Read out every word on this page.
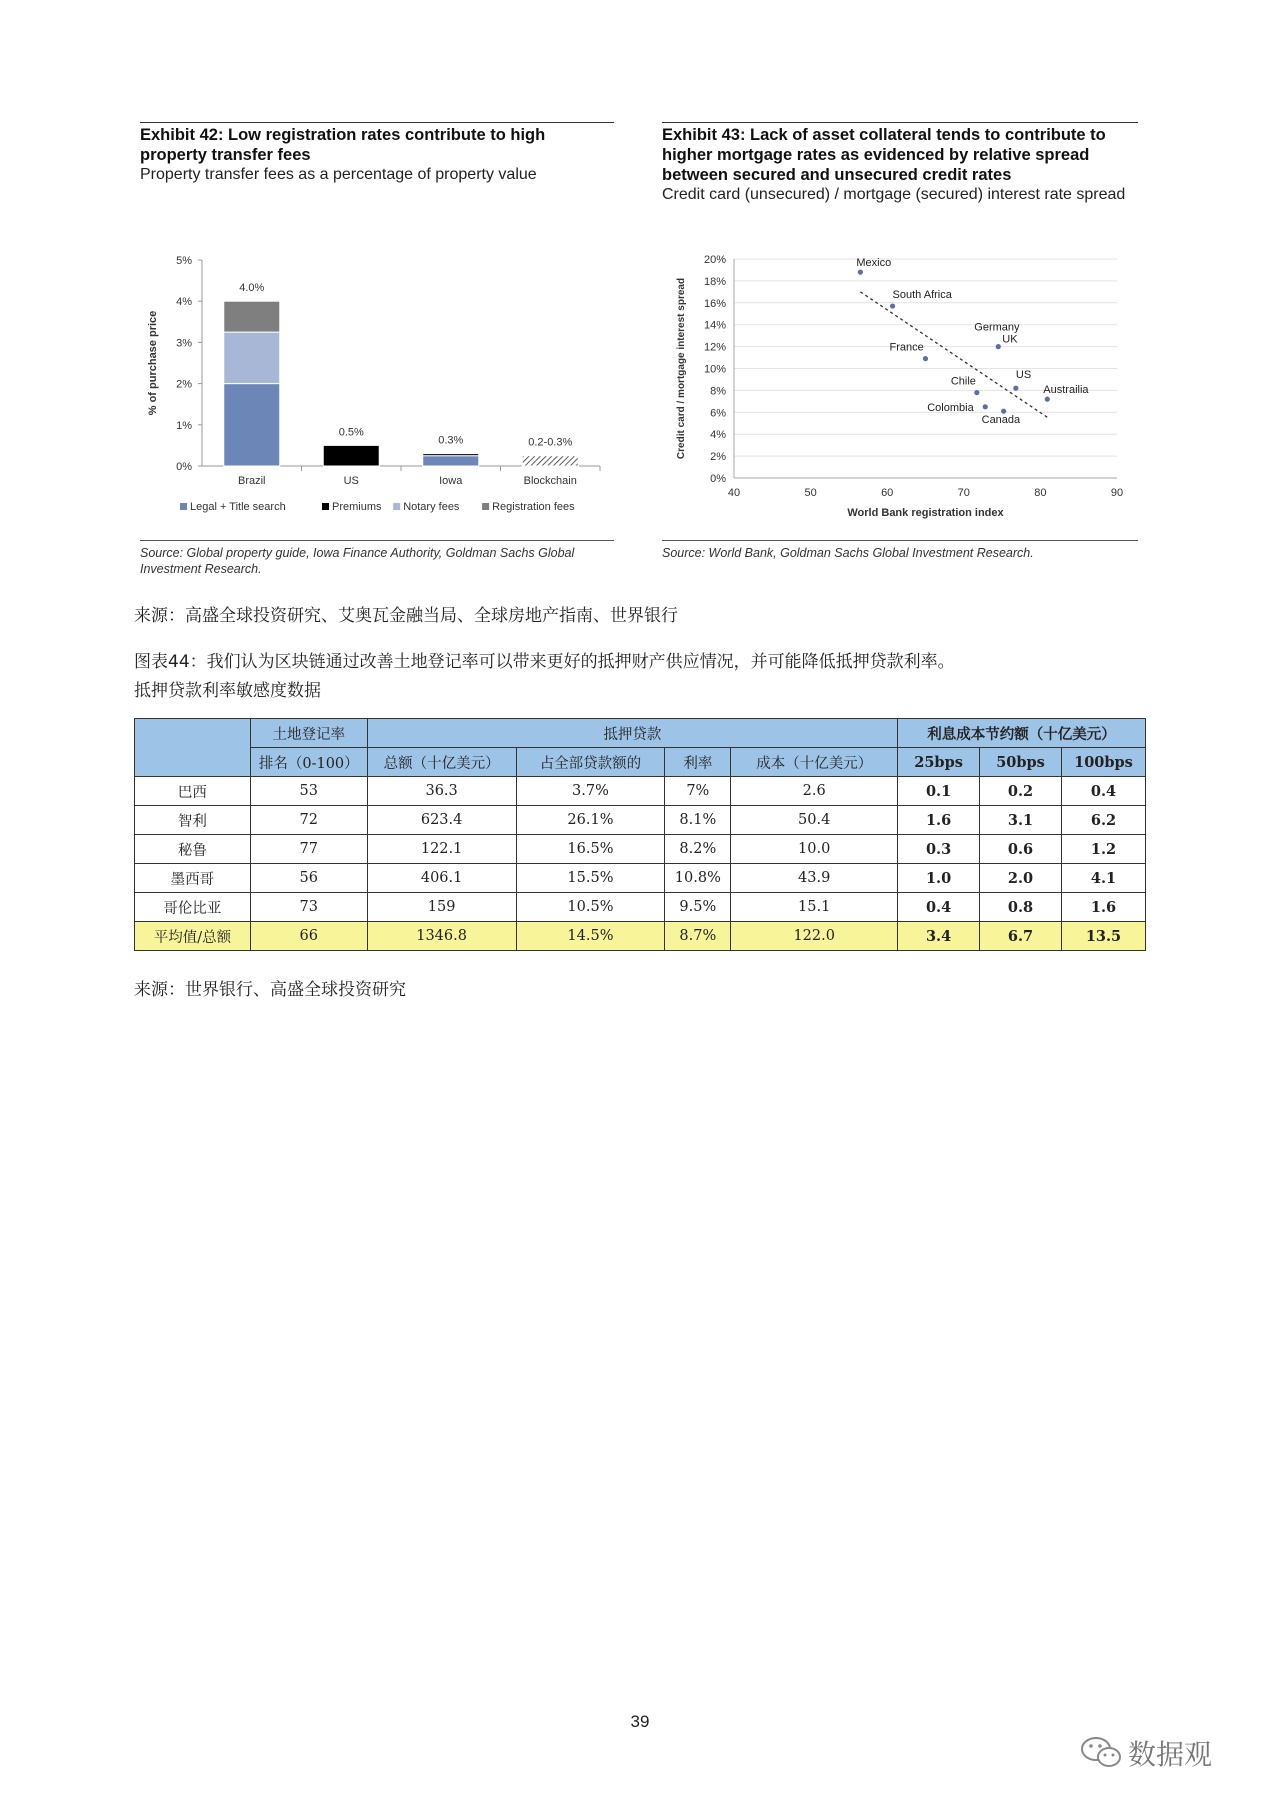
Exhibit 42: Low registration rates contribute to high property transfer fees
Property transfer fees as a percentage of property value
0%
1%
2%
3%
4%
5%
% of purchase price
Brazil
4.0%
US
0.5%
Iowa
0.3%
Blockchain
0.2-0.3%
Legal + Title search	Premiums Notary fees	Registration fees
Source: Global property guide, Iowa Finance Authority, Goldman Sachs Global Investment Research.
Exhibit 43: Lack of asset collateral tends to contribute to higher mortgage rates as evidenced by relative spread between secured and unsecured credit rates
Credit card (unsecured) / mortgage (secured) interest rate spread
0%
2%
4%
6%
8%
10%
12%
14%
16%
18%
20%
40	50	60	70	80	90
World Bank registration index
Credit card / mortgage interest spread
Mexico
South Africa
Germany
UK
France
Chile
US
Austrailia
Colombia
Canada
Source: World Bank, Goldman Sachs Global Investment Research.
来源：高盛全球投资研究、艾奥瓦金融当局、全球房地产指南、世界银行
图表44：我们认为区块链通过改善土地登记率可以带来更好的抵押财产供应情况，并可能降低抵押贷款利率。
抵押贷款利率敏感度数据
	土地登记率	抵押贷款				利息成本节约额（十亿美元）		
	排名（0-100）	总额（十亿美元）	占全部贷款额的	利率	成本（十亿美元）	25bps	50bps	100bps
巴西	53	36.3	3.7%	7%	2.6	0.1	0.2	0.4
智利	72	623.4	26.1%	8.1%	50.4	1.6	3.1	6.2
秘鲁	77	122.1	16.5%	8.2%	10.0	0.3	0.6	1.2
墨西哥	56	406.1	15.5%	10.8%	43.9	1.0	2.0	4.1
哥伦比亚	73	159	10.5%	9.5%	15.1	0.4	0.8	1.6
平均值/总额	66	1346.8	14.5%	8.7%	122.0	3.4	6.7	13.5
来源：世界银行、高盛全球投资研究
39
数据观
